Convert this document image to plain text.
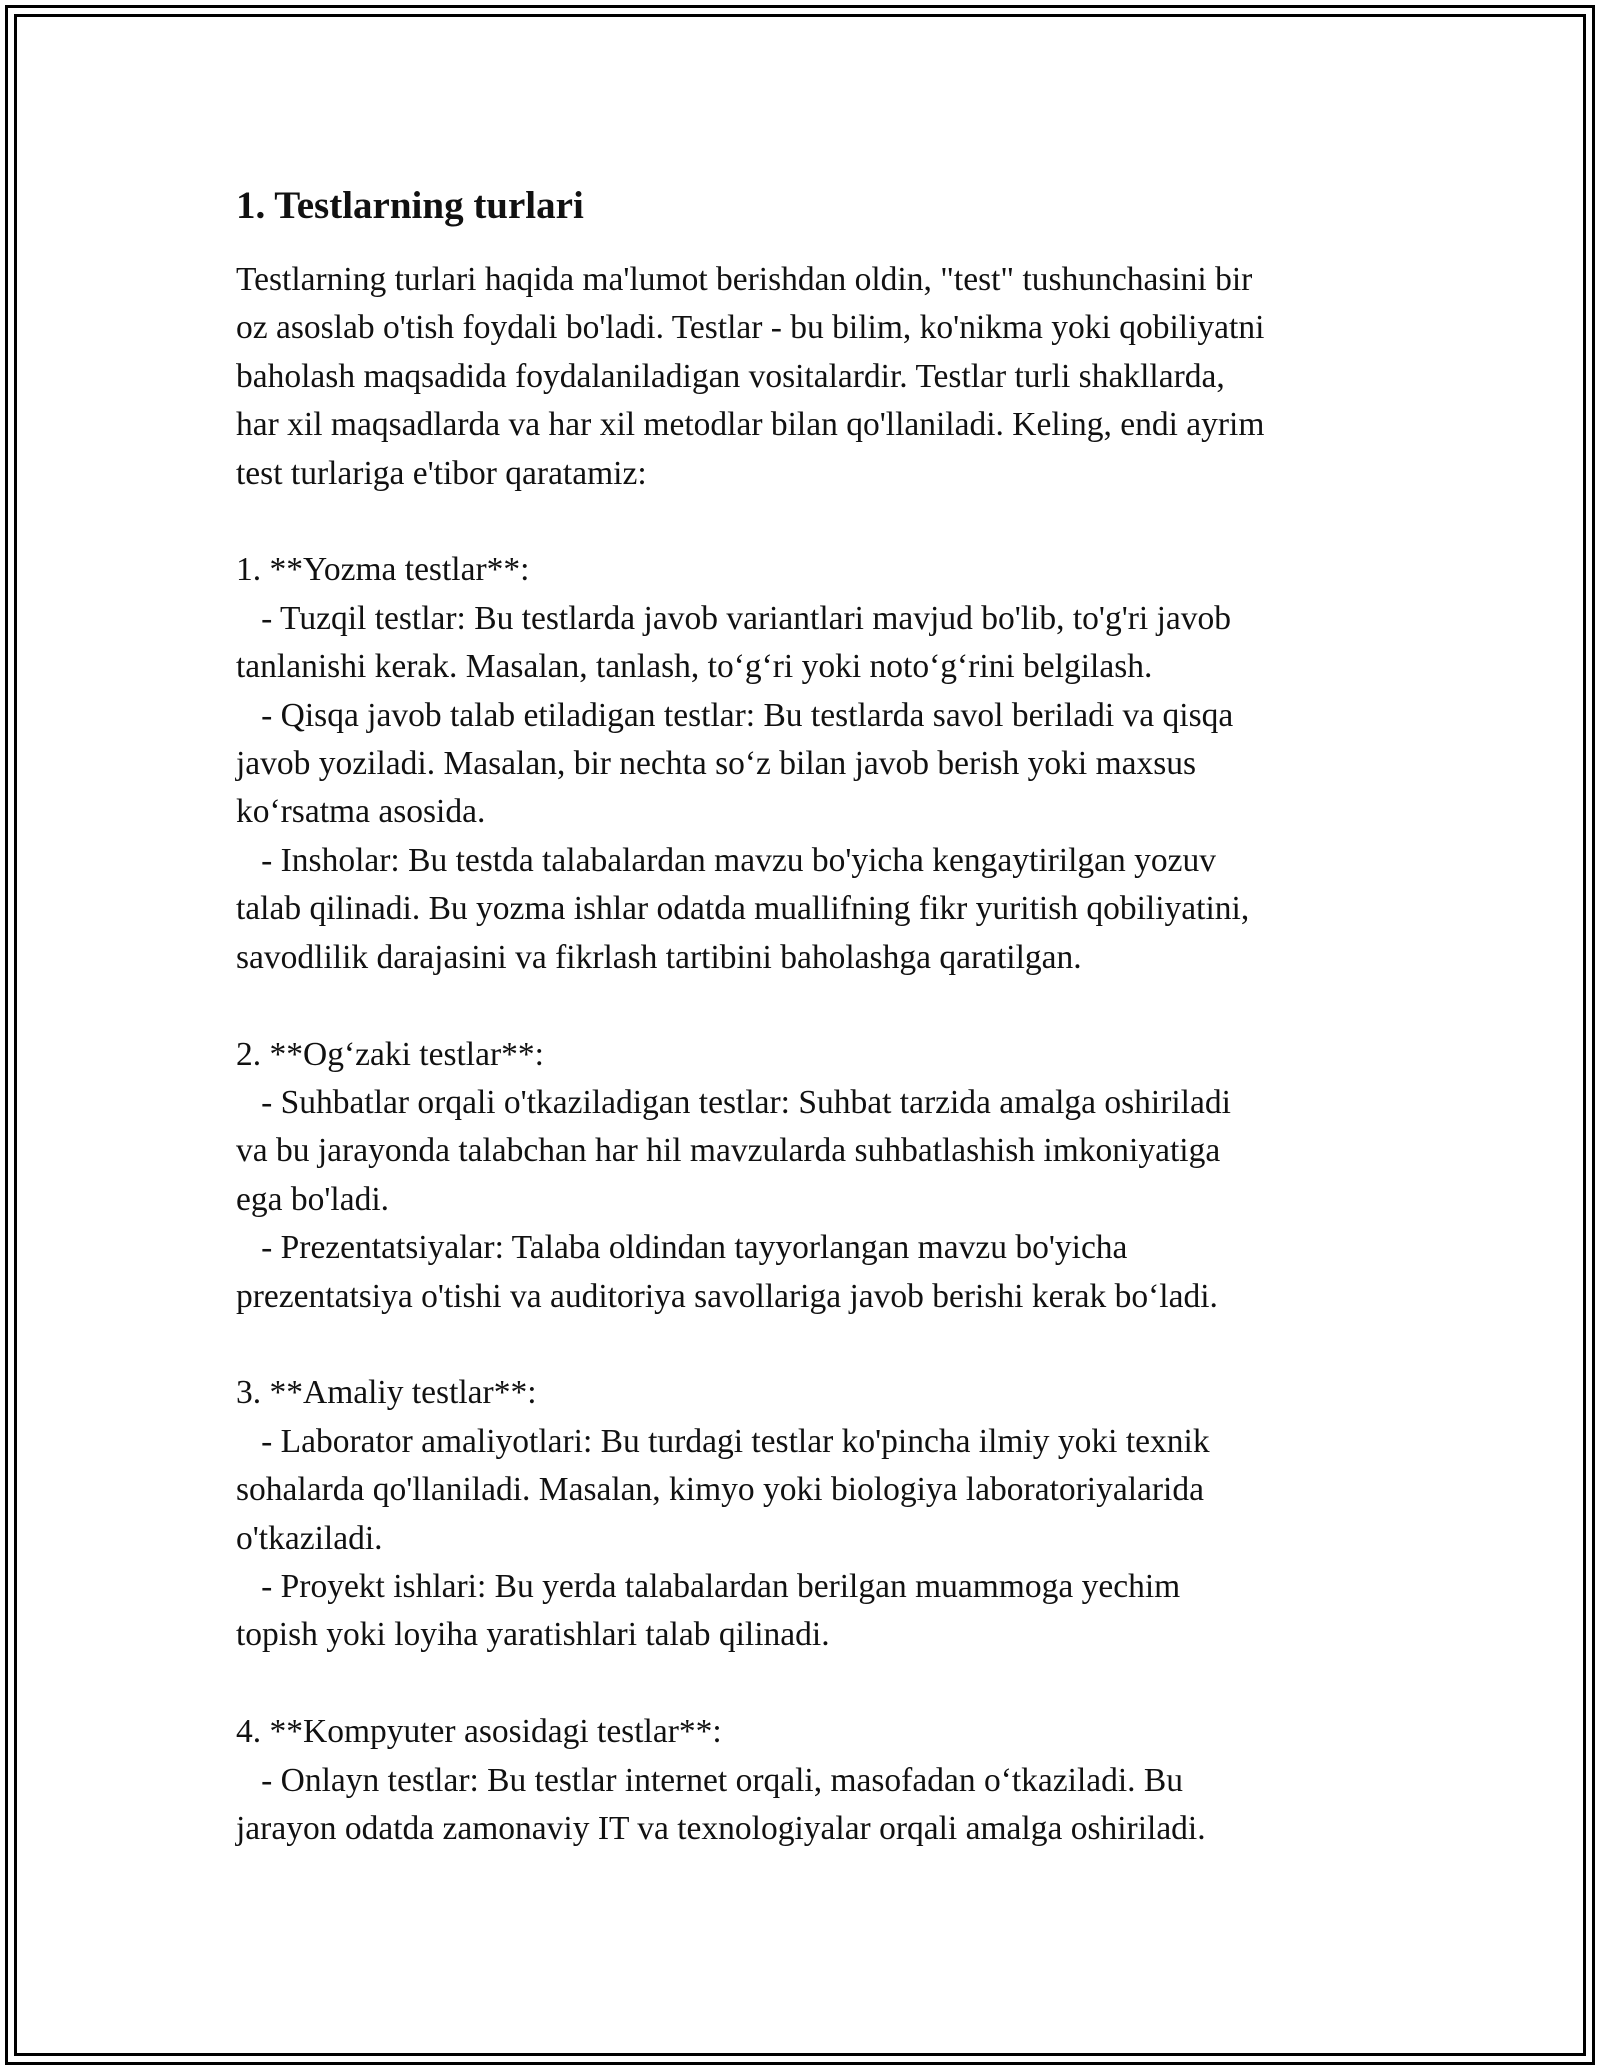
1. Testlarning turlari

Testlarning turlari haqida ma'lumot berishdan oldin, "test" tushunchasini bir
oz asoslab o'tish foydali bo'ladi. Testlar - bu bilim, ko'nikma yoki qobiliyatni
baholash maqsadida foydalaniladigan vositalardir. Testlar turli shakllarda,
har xil maqsadlarda va har xil metodlar bilan qo'llaniladi. Keling, endi ayrim
test turlariga e'tibor qaratamiz:

1. **Yozma testlar**:
- Tuzqil testlar: Bu testlarda javob variantlari mavjud bo'lib, to'g'ri javob
tanlanishi kerak. Masalan, tanlash, to‘g‘ri yoki noto‘g‘rini belgilash.
- Qisqa javob talab etiladigan testlar: Bu testlarda savol beriladi va qisqa
javob yoziladi. Masalan, bir nechta so‘z bilan javob berish yoki maxsus
ko‘rsatma asosida.
- Insholar: Bu testda talabalardan mavzu bo'yicha kengaytirilgan yozuv
talab qilinadi. Bu yozma ishlar odatda muallifning fikr yuritish qobiliyatini,
savodlilik darajasini va fikrlash tartibini baholashga qaratilgan.

2. **Og‘zaki testlar**:
- Suhbatlar orqali o'tkaziladigan testlar: Suhbat tarzida amalga oshiriladi
va bu jarayonda talabchan har hil mavzularda suhbatlashish imkoniyatiga
ega bo'ladi.
- Prezentatsiyalar: Talaba oldindan tayyorlangan mavzu bo'yicha
prezentatsiya o'tishi va auditoriya savollariga javob berishi kerak bo‘ladi.

3. **Amaliy testlar**:
- Laborator amaliyotlari: Bu turdagi testlar ko'pincha ilmiy yoki texnik
sohalarda qo'llaniladi. Masalan, kimyo yoki biologiya laboratoriyalarida
o'tkaziladi.
- Proyekt ishlari: Bu yerda talabalardan berilgan muammoga yechim
topish yoki loyiha yaratishlari talab qilinadi.

4. **Kompyuter asosidagi testlar**:
- Onlayn testlar: Bu testlar internet orqali, masofadan o‘tkaziladi. Bu
jarayon odatda zamonaviy IT va texnologiyalar orqali amalga oshiriladi.
